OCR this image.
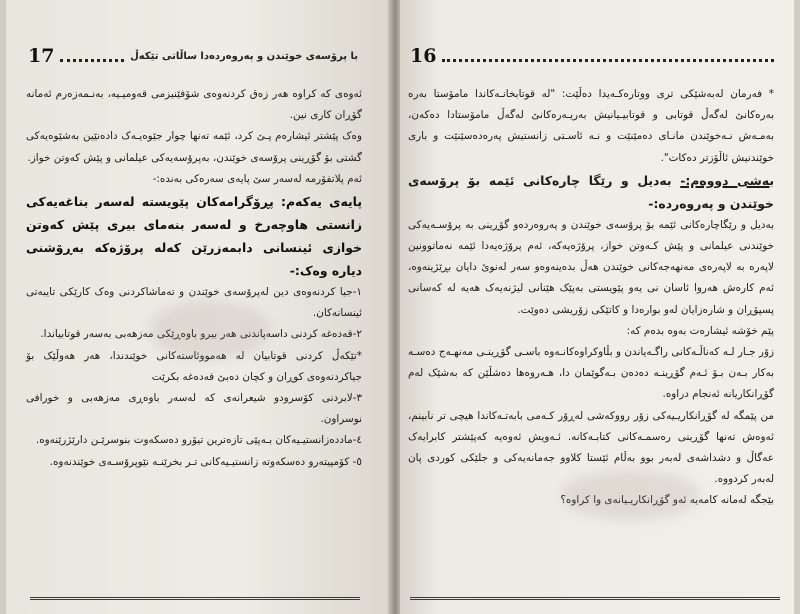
17	با پرۆسەی خوێندن و پەروەردەدا ساڵاتی تێکەڵ

ئەوەی کە کراوە هەر زەق کردنەوەی شۆفێنیزمی قەومیـیە، بەنـمەزەرم ئەمانە گۆڕان کاری نین.

وەک پێشتر ئیشارەم پـێ کرد، ئێمە تەنها چوار جێوەیـەک دادەنێین بەشێوەیەکی گشتی بۆ گۆڕینی پرۆسەی خوێندن، بەپرۆسەیەکی عیلمانی و پێش کەوتن خواز.

ئەم پلاتفۆرمە لەسەر سێ پایەی سەرەکی بەندە:-

پایەی یەکەم: پڕۆگرامەکان پێویستە لەسەر بناغەیەکی زانستی هاوچەرخ و لەسەر بنەمای بیری پێش کەوتن خوازی ئینسانی دابمەزرێن کەلە پرۆژەکە بەڕۆشنی دیاره وەک:-

١-جیا کردنەوەی دین لەپرۆسەی خوێندن و تەماشاکردنی وەک کارێکی تایبەتی ئینسانەکان.

٢-قەدەغە کردنی داسەپاندنی هەر بیرو باوەڕێکی مەزهەبی بەسەر قوتابیاندا.

*تێکەڵ کردنی قوتابیان لە هەمووئاستەکانی خوێندندا، هەر هەوڵێک بۆ جیاکردنەوەی کوڕان و کچان دەبێ قەدەغە بکرێت

٣-لابردنی کۆسرودو شیعرانەی کە لەسەر باوەڕی مەزهەبی و خورافی نوسراون.

٤-ماددەزانستیـیەکان بـەپێی تازەترین تیۆرو دەسکەوت بنوسرێـن دارێژرێنەوە.

٥- کۆمپیتەرو دەسکەوتە زانستیـیەکانی تـر بخرێنـە نێوپرۆسـەی خوێندنەوە.

16

* فەرمان لەبەشێکی تری ووتارەکـەیدا دەڵێت: "لە قوتابخانـەکاندا مامۆستا بەرە بەرەکانێ لەگەڵ قوتابی و قوتابیـیانیش بەریـەرەکانێ لەگەڵ مامۆستادا دەکەن، بەمـەش نـەخوێندن مانـای دەمێنێت و نـە ئاسـتی زانستیش پەرەدەسێنێت و باری خوێندنیش ئاڵۆزتر دەکات".

بەشی دووەم:- بەدیل و رێگا چارەکانی ئێمە بۆ پرۆسەی خوێندن و پەروەردە:-

بەدیل و رێگاچارەکانی ئێمە بۆ پرۆسەی خوێندن و پەروەردەو گۆڕینی بە پرۆسـەیەکی خوێندنی عیلمانی و پێش کـەوتن خواز، پرۆژەیەکە، ئەم پرۆژەیەدا ئێمە نەماتوونین لاپەرە بە لاپەرەی مەنهەجەکانی خوێندن هەڵ بدەینەوەو سەر لەنوێ دایان بڕێژینەوە، ئەم کارەش هەروا ئاسان نی یەو پێویستی بەپێک هێنانی لیژنەیەک هەیە لە کەسانی پسپۆڕان و شارەزایان لەو بوارەدا و کاتێکی زۆریشی دەوێت.

پێم خۆشە ئیشارەت بەوە بدەم کە:

زۆر جـار لـە کەناڵـەکانی راگـەیاندن و بڵاوکراوەکانـەوە باسـی گۆڕینـی مەنهـەج دەسـە بەکار بـەن بـۆ ئـەم گۆڕینـە دەدەن بـەگوێمان دا، هـەروەها دەشڵێن کە بەشێک لەم گۆڕانکاریانە ئەنجام دراوە.

من پێمگە لە گۆڕانکاریـیەکی زۆر رووکەشی لەڕۆر کـەمی بابەتـەکاندا هیچی تر نابینم، ئەوەش تەنها گۆڕینی رەسمـەکانی کتابـەکانە. ئـەویش ئەوەیە کەپێشتر کابرایەک عەگاڵ و دشداشەی لەبەر بوو بەڵام ئێستا کلاوو جەمانەیەکی و جلێکی کوردی پان لەبەر کردووە.

بێجگە لەمانە کامەیە ئەو گۆڕانکاریـیانەی وا کراوە؟
